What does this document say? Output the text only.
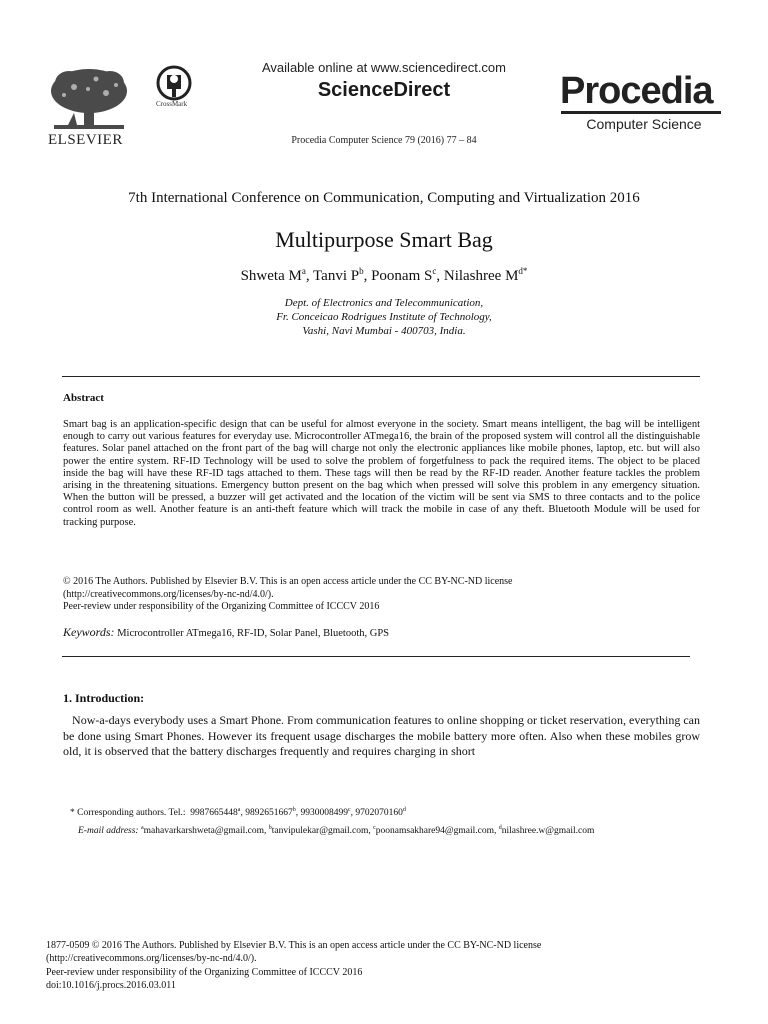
ELSEVIER
CrossMark
Available online at www.sciencedirect.com
ScienceDirect
Procedia Computer Science 79 (2016) 77 – 84
Procedia
Computer Science
7th International Conference on Communication, Computing and Virtualization 2016
Multipurpose Smart Bag
Shweta $M^a$, Tanvi $P^b$, Poonam $S^c$, Nilashree $M^{d*}$
Dept. of Electronics and Telecommunication,
Fr. Conceicao Rodrigues Institute of Technology,
Vashi, Navi Mumbai - 400703, India.
Abstract
Smart bag is an application-specific design that can be useful for almost everyone in the society. Smart means intelligent, the bag will be intelligent enough to carry out various features for everyday use. Microcontroller ATmega16, the brain of the proposed system will control all the distinguishable features. Solar panel attached on the front part of the bag will charge not only the electronic appliances like mobile phones, laptop, etc. but will also power the entire system. RF-ID Technology will be used to solve the problem of forgetfulness to pack the required items. The object to be placed inside the bag will have these RF-ID tags attached to them. These tags will then be read by the RF-ID reader. Another feature tackles the problem arising in the threatening situations. Emergency button present on the bag which when pressed will solve this problem in any emergency situation. When the button will be pressed, a buzzer will get activated and the location of the victim will be sent via SMS to three contacts and to the police control room as well. Another feature is an anti-theft feature which will track the mobile in case of any theft. Bluetooth Module will be used for tracking purpose.
© 2016 The Authors. Published by Elsevier B.V. This is an open access article under the CC BY-NC-ND license
(http://creativecommons.org/licenses/by-nc-nd/4.0/).
Peer-review under responsibility of the Organizing Committee of ICCCV 2016
Keywords: Microcontroller ATmega16, RF-ID, Solar Panel, Bluetooth, GPS
1. Introduction:
Now-a-days everybody uses a Smart Phone. From communication features to online shopping or ticket reservation, everything can be done using Smart Phones. However its frequent usage discharges the mobile battery more often. Also when these mobiles grow old, it is observed that the battery discharges frequently and requires charging in short
* Corresponding authors. Tel.: 9987665448$^a$, 9892651667$^b$, 9930008499$^c$, 9702070160$^d$
E-mail address: $^a$mahavarkarshweta@gmail.com, $^b$tanvipulekar@gmail.com, $^c$poonamsakhare94@gmail.com, $^d$nilashree.w@gmail.com
1877-0509 © 2016 The Authors. Published by Elsevier B.V. This is an open access article under the CC BY-NC-ND license
(http://creativecommons.org/licenses/by-nc-nd/4.0/).
Peer-review under responsibility of the Organizing Committee of ICCCV 2016
doi:10.1016/j.procs.2016.03.011
